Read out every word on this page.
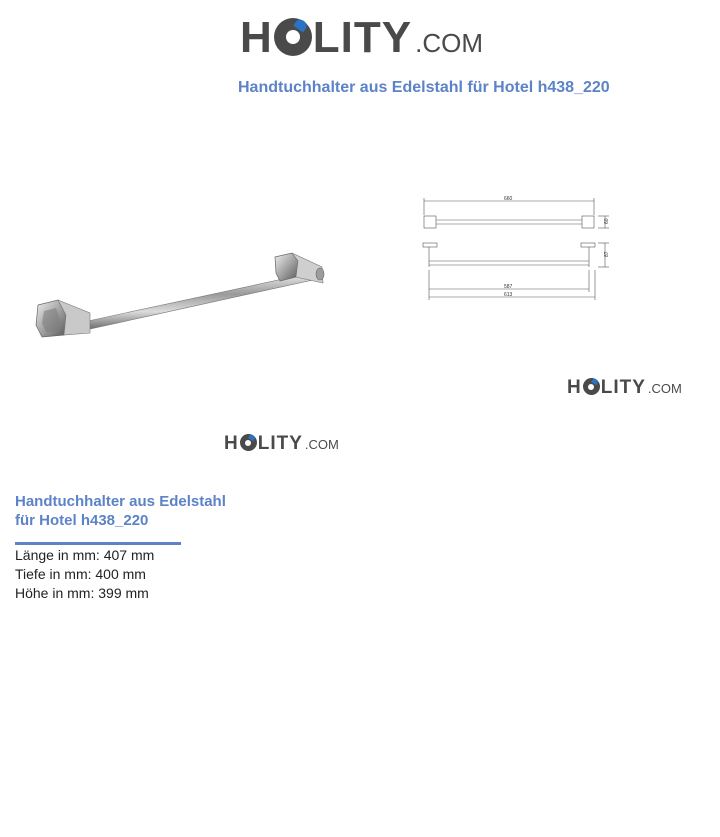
H LITY .COM
Handtuchhalter aus Edelstahl für Hotel h438_220
660
587
613
60
87
H LITY .COM
H LITY .COM
Handtuchhalter aus Edelstahl
für Hotel h438_220
Länge in mm: 407 mm
Tiefe in mm: 400 mm
Höhe in mm: 399 mm
